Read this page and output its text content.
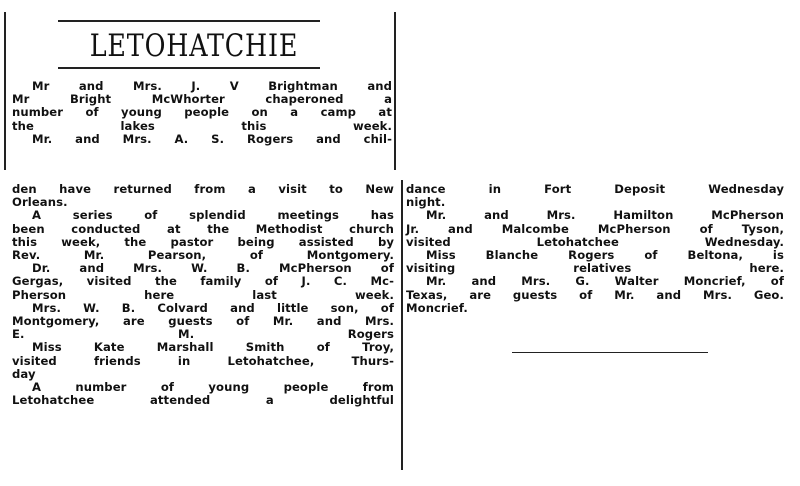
LETOHATCHIE
Mr and Mrs. J. V Brightman and
Mr Bright McWhorter chaperoned a
number of young people on a camp at
the lakes this week.
Mr. and Mrs. A. S. Rogers and chil-
den have returned from a visit to New
Orleans.
A series of splendid meetings has
been conducted at the Methodist church
this week, the pastor being assisted by
Rev. Mr. Pearson, of Montgomery.
Dr. and Mrs. W. B. McPherson of
Gergas, visited the family of J. C. Mc-
Pherson here last week.
Mrs. W. B. Colvard and little son, of
Montgomery, are guests of Mr. and Mrs.
E. M. Rogers
Miss Kate Marshall Smith of Troy,
visited friends in Letohatchee, Thurs-
day
A number of young people from
Letohatchee attended a delightful
dance in Fort Deposit Wednesday
night.
Mr. and Mrs. Hamilton McPherson
Jr. and Malcombe McPherson of Tyson,
visited Letohatchee Wednesday.
Miss Blanche Rogers of Beltona, is
visiting relatives here.
Mr. and Mrs. G. Walter Moncrief, of
Texas, are guests of Mr. and Mrs. Geo.
Moncrief.
